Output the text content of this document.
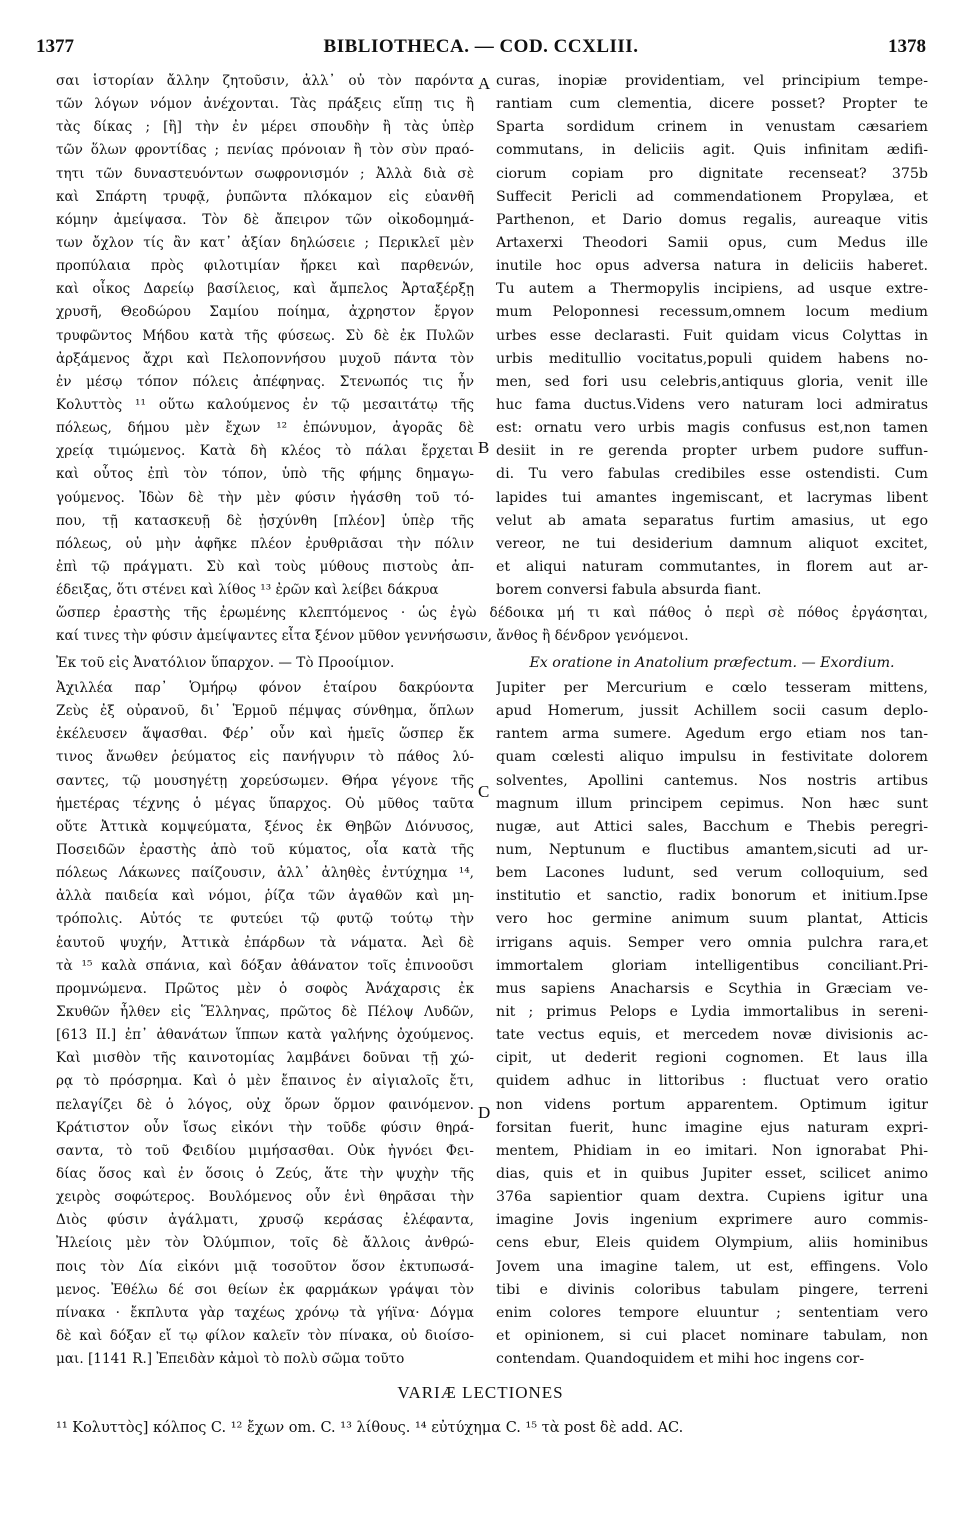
1377	BIBLIOTHECA. — COD. CCXLIII.	1378
σαι ἱστορίαν ἄλλην ζητοῦσιν, ἀλλ᾽ οὐ τὸν παρόντα
τῶν λόγων νόμον ἀνέχονται. Τὰς πράξεις εἴπῃ τις ἢ
τὰς δίκας ; [ἢ] τὴν ἐν μέρει σπουδὴν ἢ τὰς ὑπὲρ
τῶν ὅλων φροντίδας ; πενίας πρόνοιαν ἢ τὸν σὺν πραό-
τητι τῶν δυναστευόντων σωφρονισμόν ; Ἀλλὰ διὰ σὲ
καὶ Σπάρτη τρυφᾷ, ῥυπῶντα πλόκαμον εἰς εὐανθῆ
κόμην ἀμείψασα. Τὸν δὲ ἄπειρον τῶν οἰκοδομημά-
των ὄχλον τίς ἂν κατ᾽ ἀξίαν δηλώσειε ; Περικλεῖ μὲν
προπύλαια πρὸς φιλοτιμίαν ἤρκει καὶ παρθενών,
καὶ οἶκος Δαρείῳ βασίλειος, καὶ ἄμπελος Ἀρταξέρξῃ
χρυσῆ, Θεοδώρου Σαμίου ποίημα, ἀχρηστον ἔργον
τρυφῶντος Μήδου κατὰ τῆς φύσεως. Σὺ δὲ ἐκ Πυλῶν
ἀρξάμενος ἄχρι καὶ Πελοποννήσου μυχοῦ πάντα τὸν
ἐν μέσῳ τόπον πόλεις ἀπέφηνας. Στενωπός τις ἦν
Κολυττὸς ¹¹ οὕτω καλούμενος ἐν τῷ μεσαιτάτῳ τῆς
πόλεως, δήμου μὲν ἔχων ¹² ἐπώνυμον, ἀγορᾶς δὲ
χρείᾳ τιμώμενος. Κατὰ δὴ κλέος τὸ πάλαι ἔρχεται
καὶ οὗτος ἐπὶ τὸν τόπον, ὑπὸ τῆς φήμης δημαγω-
γούμενος. Ἰδὼν δὲ τὴν μὲν φύσιν ἠγάσθη τοῦ τό-
που, τῇ κατασκευῇ δὲ ᾐσχύνθη [πλέον] ὑπὲρ τῆς
πόλεως, οὐ μὴν ἀφῆκε πλέον ἐρυθριᾶσαι τὴν πόλιν
ἐπὶ τῷ πράγματι. Σὺ καὶ τοὺς μύθους πιστοὺς ἀπ-
έδειξας, ὅτι στένει καὶ λίθος ¹³ ἐρῶν καὶ λείβει δάκρυα
curas, inopiæ providentiam, vel principium tempe-
rantiam cum clementia, dicere posset? Propter te
Sparta sordidum crinem in venustam cæsariem
commutans, in deliciis agit. Quis infinitam ædifi-
ciorum copiam pro dignitate recenseat? 375b
Suffecit Pericli ad commendationem Propylæa, et
Parthenon, et Dario domus regalis, aureaque vitis
Artaxerxi Theodori Samii opus, cum Medus ille
inutile hoc opus adversa natura in deliciis haberet.
Tu autem a Thermopylis incipiens, ad usque extre-
mum Peloponnesi recessum,omnem locum medium
urbes esse declarasti. Fuit quidam vicus Colyttas in
urbis meditullio vocitatus,populi quidem habens no-
men, sed fori usu celebris,antiquus gloria, venit ille
huc fama ductus.Videns vero naturam loci admiratus
est: ornatu vero urbis magis confusus est,non tamen
desiit in re gerenda propter urbem pudore suffun-
di. Tu vero fabulas credibiles esse ostendisti. Cum
lapides tui amantes ingemiscant, et lacrymas libent
velut ab amata separatus furtim amasius, ut ego
vereor, ne tui desiderium damnum aliquot excitet,
et aliqui naturam commutantes, in florem aut ar-
borem conversi fabula absurda fiant.
ὥσπερ ἐραστὴς τῆς ἐρωμένης κλεπτόμενος · ὡς ἐγὼ δέδοικα μή τι καὶ πάθος ὁ περὶ σὲ πόθος ἐργάσηται,
καί τινες τὴν φύσιν ἀμείψαντες εἶτα ξένον μῦθον γεννήσωσιν, ἄνθος ἢ δένδρον γενόμενοι.
Ἐκ τοῦ εἰς Ἀνατόλιον ὕπαρχον. — Τὸ Προοίμιον.	Ex oratione in Anatolium præfectum. — Exordium.
Ἀχιλλέα παρ᾽ Ὁμήρῳ φόνον ἑταίρου δακρύοντα
Ζεὺς ἐξ οὐρανοῦ, δι᾽ Ἑρμοῦ πέμψας σύνθημα, ὅπλων
ἐκέλευσεν ἅψασθαι. Φέρ᾽ οὖν καὶ ἡμεῖς ὥσπερ ἔκ
τινος ἄνωθεν ῥεύματος εἰς πανήγυριν τὸ πάθος λύ-
σαντες, τῷ μουσηγέτῃ χορεύσωμεν. Θήρα γέγονε τῆς
ἡμετέρας τέχνης ὁ μέγας ὕπαρχος. Οὐ μῦθος ταῦτα
οὔτε Ἀττικὰ κομψεύματα, ξένος ἐκ Θηβῶν Διόνυσος,
Ποσειδῶν ἐραστὴς ἀπὸ τοῦ κύματος, οἷα κατὰ τῆς
πόλεως Λάκωνες παίζουσιν, ἀλλ᾽ ἀληθὲς ἐντύχημα ¹⁴,
ἀλλὰ παιδεία καὶ νόμοι, ῥίζα τῶν ἀγαθῶν καὶ μη-
τρόπολις. Αὐτός τε φυτεύει τῷ φυτῷ τούτῳ τὴν
ἑαυτοῦ ψυχήν, Ἀττικὰ ἐπάρδων τὰ νάματα. Ἀεὶ δὲ
τὰ ¹⁵ καλὰ σπάνια, καὶ δόξαν ἀθάνατον τοῖς ἐπινοοῦσι
προμνώμενα. Πρῶτος μὲν ὁ σοφὸς Ἀνάχαρσις ἐκ
Σκυθῶν ἦλθεν εἰς Ἕλληνας, πρῶτος δὲ Πέλοψ Λυδῶν,
[613 II.] ἐπ᾽ ἀθανάτων ἵππων κατὰ γαλήνης ὀχούμενος.
Καὶ μισθὸν τῆς καινοτομίας λαμβάνει δοῦναι τῇ χώ-
ρᾳ τὸ πρόσρημα. Καὶ ὁ μὲν ἔπαινος ἐν αἰγιαλοῖς ἔτι,
πελαγίζει δὲ ὁ λόγος, οὐχ ὅρων ὅρμον φαινόμενον.
Κράτιστον οὖν ἴσως εἰκόνι τὴν τοῦδε φύσιν θηρά-
σαντα, τὸ τοῦ Φειδίου μιμήσασθαι. Οὐκ ἠγνόει Φει-
δίας ὅσος καὶ ἐν ὅσοις ὁ Ζεύς, ἅτε τὴν ψυχὴν τῆς
χειρὸς σοφώτερος. Βουλόμενος οὖν ἑνὶ θηρᾶσαι τὴν
Διὸς φύσιν ἀγάλματι, χρυσῷ κεράσας ἐλέφαντα,
Ἠλείοις μὲν τὸν Ὀλύμπιον, τοῖς δὲ ἄλλοις ἀνθρώ-
ποις τὸν Δία εἰκόνι μιᾷ τοσοῦτον ὅσον ἐκτυπωσά-
μενος. Ἐθέλω δέ σοι θείων ἐκ φαρμάκων γράψαι τὸν
πίνακα · ἔκπλυτα γὰρ ταχέως χρόνῳ τὰ γήϊνα· Δόγμα
δὲ καὶ δόξαν εἴ τῳ φίλον καλεῖν τὸν πίνακα, οὐ διοίσο-
μαι. [1141 R.] Ἐπειδὰν κἀμοὶ τὸ πολὺ σῶμα τοῦτο
Jupiter per Mercurium e cœlo tesseram mittens,
apud Homerum, jussit Achillem socii casum deplo-
rantem arma sumere. Agedum ergo etiam nos tan-
quam cœlesti aliquo impulsu in festivitate dolorem
solventes, Apollini cantemus. Nos nostris artibus
magnum illum principem cepimus. Non hæc sunt
nugæ, aut Attici sales, Bacchum e Thebis peregri-
num, Neptunum e fluctibus amantem,sicuti ad ur-
bem Lacones ludunt, sed verum colloquium, sed
institutio et sanctio, radix bonorum et initium.Ipse
vero hoc germine animum suum plantat, Atticis
irrigans aquis. Semper vero omnia pulchra rara,et
immortalem gloriam intelligentibus conciliant.Pri-
mus sapiens Anacharsis e Scythia in Græciam ve-
nit ; primus Pelops e Lydia immortalibus in sereni-
tate vectus equis, et mercedem novæ divisionis ac-
cipit, ut dederit regioni cognomen. Et laus illa
quidem adhuc in littoribus : fluctuat vero oratio
non videns portum apparentem. Optimum igitur
forsitan fuerit, hunc imagine ejus naturam expri-
mentem, Phidiam in eo imitari. Non ignorabat Phi-
dias, quis et in quibus Jupiter esset, scilicet animo
376a sapientior quam dextra. Cupiens igitur una
imagine Jovis ingenium exprimere auro commis-
cens ebur, Eleis quidem Olympium, aliis hominibus
Jovem una imagine talem, ut est, effingens. Volo
tibi e divinis coloribus tabulam pingere, terreni
enim colores tempore eluuntur ; sententiam vero
et opinionem, si cui placet nominare tabulam, non
contendam. Quandoquidem et mihi hoc ingens cor-
A
B
C
D
VARIÆ LECTIONES
¹¹ Κολυττὸς] κόλπος C. ¹² ἔχων om. C. ¹³ λίθους. ¹⁴ εὐτύχημα C. ¹⁵ τὰ post δὲ add. AC.
